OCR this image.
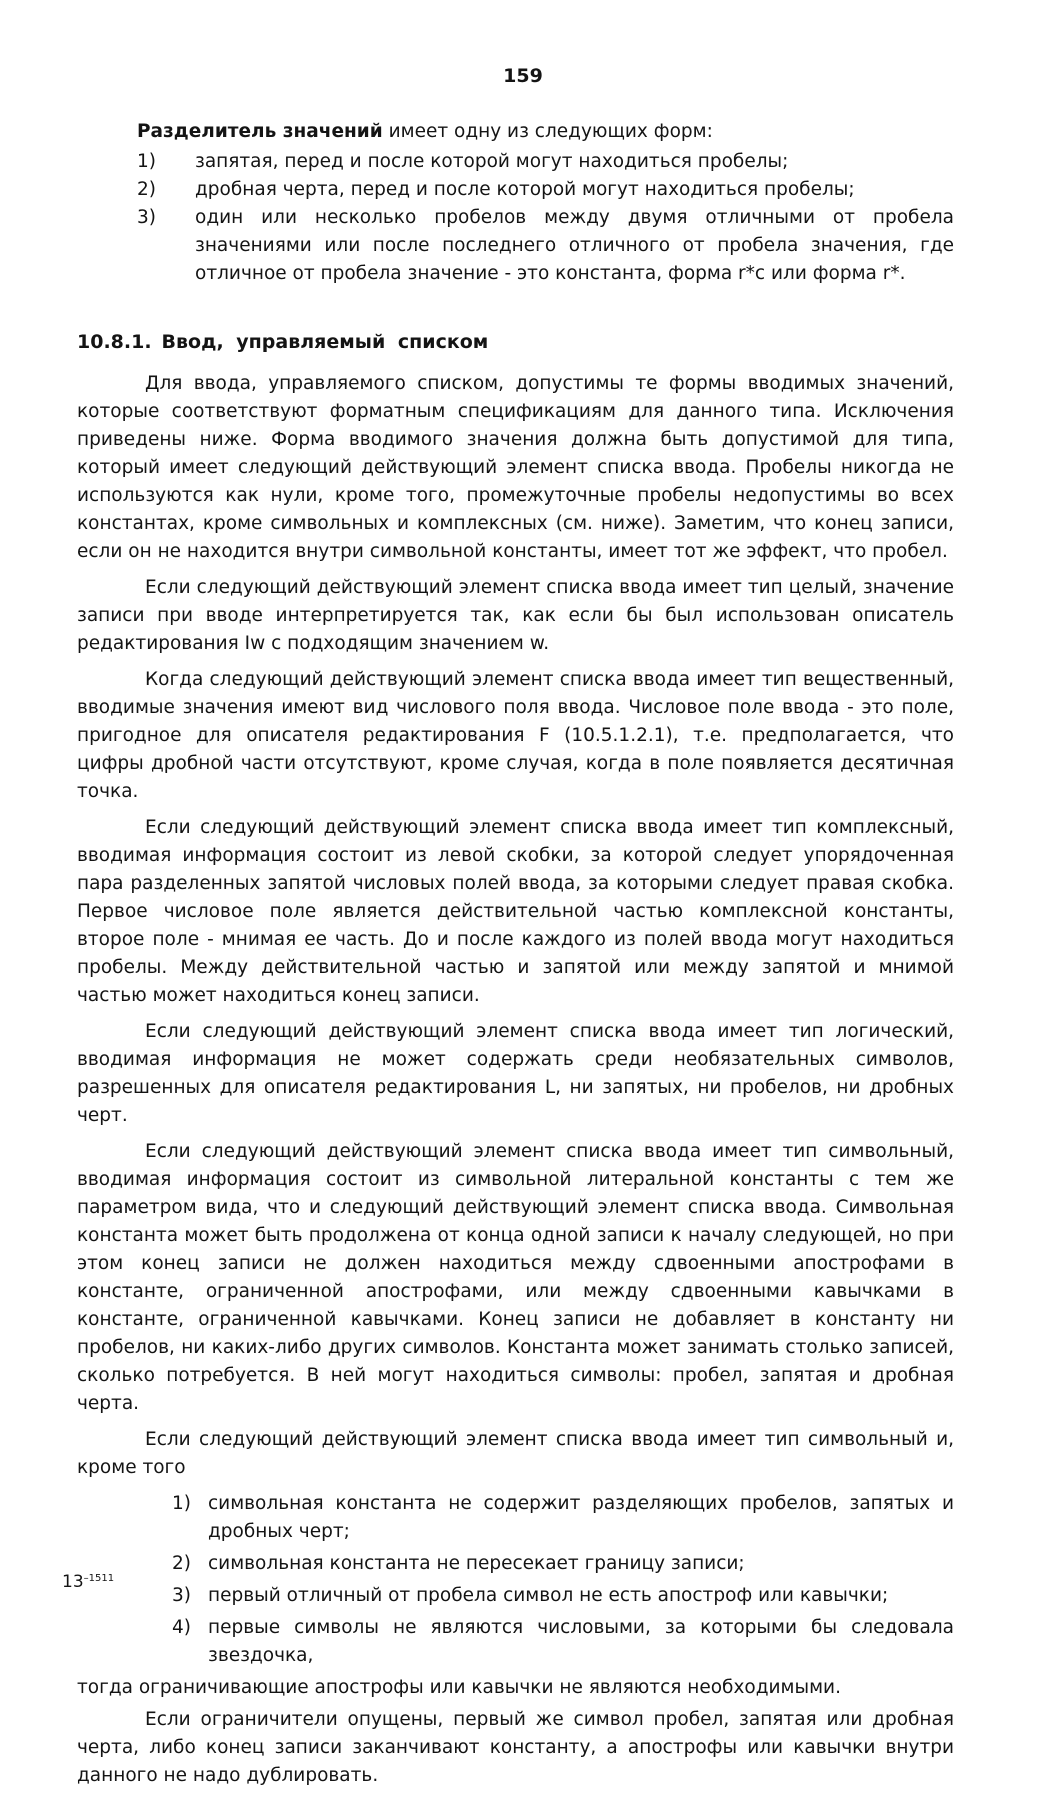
159
Разделитель значений имеет одну из следующих форм:
1)	запятая, перед и после которой могут находиться пробелы;
2)	дробная черта, перед и после которой могут находиться пробелы;
3)	один или несколько пробелов между двумя отличными от пробела значениями или после последнего отличного от пробела значения, где отличное от пробела значение - это константа, форма r*c или форма r*.
10.8.1. Ввод, управляемый списком

Для ввода, управляемого списком, допустимы те формы вводимых значений, которые соответствуют форматным спецификациям для данного типа. Исключения приведены ниже. Форма вводимого значения должна быть допустимой для типа, который имеет следующий действующий элемент списка ввода. Пробелы никогда не используются как нули, кроме того, промежуточные пробелы недопустимы во всех константах, кроме символьных и комплексных (см. ниже). Заметим, что конец записи, если он не находится внутри символьной константы, имеет тот же эффект, что пробел.

Если следующий действующий элемент списка ввода имеет тип целый, значение записи при вводе интерпретируется так, как если бы был использован описатель редактирования Iw с подходящим значением w.

Когда следующий действующий элемент списка ввода имеет тип вещественный, вводимые значения имеют вид числового поля ввода. Числовое поле ввода - это поле, пригодное для описателя редактирования F (10.5.1.2.1), т.е. предполагается, что цифры дробной части отсутствуют, кроме случая, когда в поле появляется десятичная точка.

Если следующий действующий элемент списка ввода имеет тип комплексный, вводимая информация состоит из левой скобки, за которой следует упорядоченная пара разделенных запятой числовых полей ввода, за которыми следует правая скобка. Первое числовое поле является действительной частью комплексной константы, второе поле - мнимая ее часть. До и после каждого из полей ввода могут находиться пробелы. Между действительной частью и запятой или между запятой и мнимой частью может находиться конец записи.

Если следующий действующий элемент списка ввода имеет тип логический, вводимая информация не может содержать среди необязательных символов, разрешенных для описателя редактирования L, ни запятых, ни пробелов, ни дробных черт.

Если следующий действующий элемент списка ввода имеет тип символьный, вводимая информация состоит из символьной литеральной константы с тем же параметром вида, что и следующий действующий элемент списка ввода. Символьная константа может быть продолжена от конца одной записи к началу следующей, но при этом конец записи не должен находиться между сдвоенными апострофами в константе, ограниченной апострофами, или между сдвоенными кавычками в константе, ограниченной кавычками. Конец записи не добавляет в константу ни пробелов, ни каких-либо других символов. Константа может занимать столько записей, сколько потребуется. В ней могут находиться символы: пробел, запятая и дробная черта.

Если следующий действующий элемент списка ввода имеет тип символьный и, кроме того

1) символьная константа не содержит разделяющих пробелов, запятых и дробных черт;
2) символьная константа не пересекает границу записи;
3) первый отличный от пробела символ не есть апостроф или кавычки;
4) первые символы не являются числовыми, за которыми бы следовала звездочка,

тогда ограничивающие апострофы или кавычки не являются необходимыми.

Если ограничители опущены, первый же символ пробел, запятая или дробная черта, либо конец записи заканчивают константу, а апострофы или кавычки внутри данного не надо дублировать.

$13^{-1511}$
